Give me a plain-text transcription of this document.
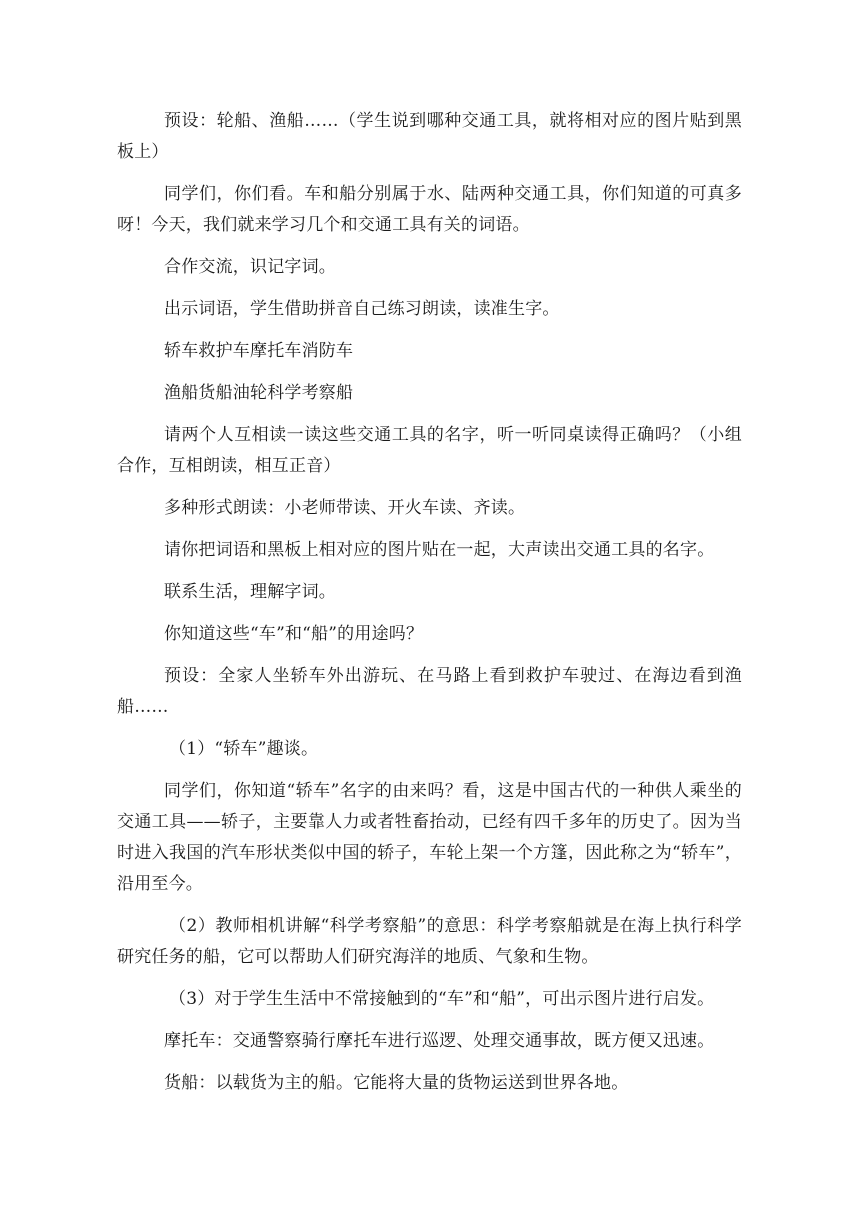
预设：轮船、渔船……（学生说到哪种交通工具，就将相对应的图片贴到黑板上）

同学们，你们看。车和船分别属于水、陆两种交通工具，你们知道的可真多呀！今天，我们就来学习几个和交通工具有关的词语。

合作交流，识记字词。

出示词语，学生借助拼音自己练习朗读，读准生字。

轿车救护车摩托车消防车

渔船货船油轮科学考察船

请两个人互相读一读这些交通工具的名字，听一听同桌读得正确吗？（小组合作，互相朗读，相互正音）

多种形式朗读：小老师带读、开火车读、齐读。

请你把词语和黑板上相对应的图片贴在一起，大声读出交通工具的名字。

联系生活，理解字词。

你知道这些“车”和“船”的用途吗？

预设：全家人坐轿车外出游玩、在马路上看到救护车驶过、在海边看到渔船……

（1）“轿车”趣谈。

同学们，你知道“轿车”名字的由来吗？看，这是中国古代的一种供人乘坐的交通工具——轿子，主要靠人力或者牲畜抬动，已经有四千多年的历史了。因为当时进入我国的汽车形状类似中国的轿子，车轮上架一个方篷，因此称之为“轿车”，沿用至今。

（2）教师相机讲解“科学考察船”的意思：科学考察船就是在海上执行科学研究任务的船，它可以帮助人们研究海洋的地质、气象和生物。

（3）对于学生生活中不常接触到的“车”和“船”，可出示图片进行启发。

摩托车：交通警察骑行摩托车进行巡逻、处理交通事故，既方便又迅速。

货船：以载货为主的船。它能将大量的货物运送到世界各地。
